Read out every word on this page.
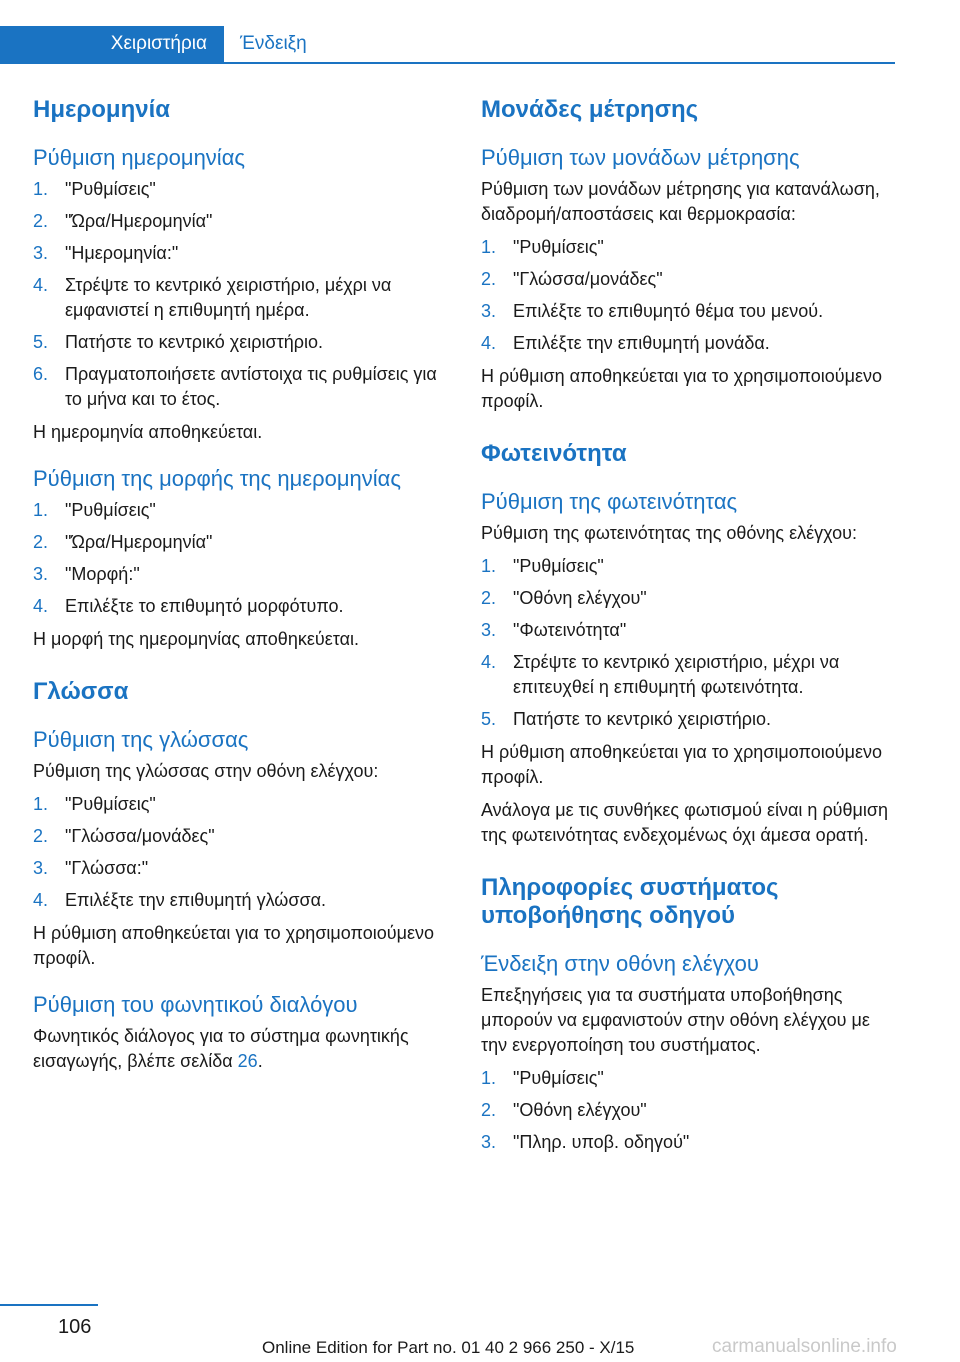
Χειριστήρια	Ένδειξη
Ημερομηνία
Ρύθμιση ημερομηνίας
1. "Ρυθμίσεις"
2. "Ώρα/Ημερομηνία"
3. "Ημερομηνία:"
4. Στρέψτε το κεντρικό χειριστήριο, μέχρι να εμφανιστεί η επιθυμητή ημέρα.
5. Πατήστε το κεντρικό χειριστήριο.
6. Πραγματοποιήσετε αντίστοιχα τις ρυθμίσεις για το μήνα και το έτος.

Η ημερομηνία αποθηκεύεται.

Ρύθμιση της μορφής της ημερομηνίας
1. "Ρυθμίσεις"
2. "Ώρα/Ημερομηνία"
3. "Μορφή:"
4. Επιλέξτε το επιθυμητό μορφότυπο.

Η μορφή της ημερομηνίας αποθηκεύεται.

Γλώσσα
Ρύθμιση της γλώσσας

Ρύθμιση της γλώσσας στην οθόνη ελέγχου:

1. "Ρυθμίσεις"
2. "Γλώσσα/μονάδες"
3. "Γλώσσα:"
4. Επιλέξτε την επιθυμητή γλώσσα.

Η ρύθμιση αποθηκεύεται για το χρησιμοποιούμενο προφίλ.

Ρύθμιση του φωνητικού διαλόγου

Φωνητικός διάλογος για το σύστημα φωνητικής εισαγωγής, βλέπε σελίδα 26.

Μονάδες μέτρησης
Ρύθμιση των μονάδων μέτρησης

Ρύθμιση των μονάδων μέτρησης για κατανάλωση, διαδρομή/αποστάσεις και θερμοκρασία:

1. "Ρυθμίσεις"
2. "Γλώσσα/μονάδες"
3. Επιλέξτε το επιθυμητό θέμα του μενού.
4. Επιλέξτε την επιθυμητή μονάδα.

Η ρύθμιση αποθηκεύεται για το χρησιμοποιούμενο προφίλ.

Φωτεινότητα
Ρύθμιση της φωτεινότητας

Ρύθμιση της φωτεινότητας της οθόνης ελέγχου:

1. "Ρυθμίσεις"
2. "Οθόνη ελέγχου"
3. "Φωτεινότητα"
4. Στρέψτε το κεντρικό χειριστήριο, μέχρι να επιτευχθεί η επιθυμητή φωτεινότητα.
5. Πατήστε το κεντρικό χειριστήριο.

Η ρύθμιση αποθηκεύεται για το χρησιμοποιούμενο προφίλ.

Ανάλογα με τις συνθήκες φωτισμού είναι η ρύθμιση της φωτεινότητας ενδεχομένως όχι άμεσα ορατή.

Πληροφορίες συστήματος υποβοήθησης οδηγού
Ένδειξη στην οθόνη ελέγχου

Επεξηγήσεις για τα συστήματα υποβοήθησης μπορούν να εμφανιστούν στην οθόνη ελέγχου με την ενεργοποίηση του συστήματος.

1. "Ρυθμίσεις"
2. "Οθόνη ελέγχου"
3. "Πληρ. υποβ. οδηγού"
106
Online Edition for Part no. 01 40 2 966 250 - X/15	carmanualsonline.info
